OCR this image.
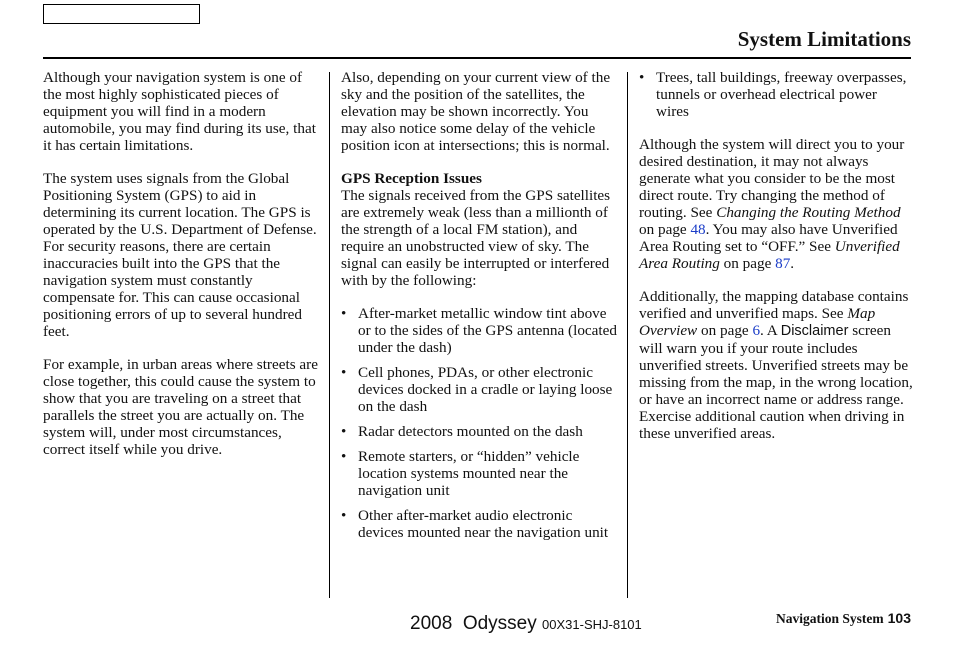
System Limitations

Although your navigation system is one of the most highly sophisticated pieces of equipment you will find in a modern automobile, you may find during its use, that it has certain limitations.

The system uses signals from the Global Positioning System (GPS) to aid in determining its current location. The GPS is operated by the U.S. Department of Defense. For security reasons, there are certain inaccuracies built into the GPS that the navigation system must constantly compensate for. This can cause occasional positioning errors of up to several hundred feet.

For example, in urban areas where streets are close together, this could cause the system to show that you are traveling on a street that parallels the street you are actually on. The system will, under most circumstances, correct itself while you drive.

Also, depending on your current view of the sky and the position of the satellites, the elevation may be shown incorrectly. You may also notice some delay of the vehicle position icon at intersections; this is normal.

GPS Reception Issues

The signals received from the GPS satellites are extremely weak (less than a millionth of the strength of a local FM station), and require an unobstructed view of sky. The signal can easily be interrupted or interfered with by the following:

• After-market metallic window tint above or to the sides of the GPS antenna (located under the dash)
• Cell phones, PDAs, or other electronic devices docked in a cradle or laying loose on the dash
• Radar detectors mounted on the dash
• Remote starters, or “hidden” vehicle location systems mounted near the navigation unit
• Other after-market audio electronic devices mounted near the navigation unit
• Trees, tall buildings, freeway overpasses, tunnels or overhead electrical power wires

Although the system will direct you to your desired destination, it may not always generate what you consider to be the most direct route. Try changing the method of routing. See Changing the Routing Method on page 48. You may also have Unverified Area Routing set to “OFF.” See Unverified Area Routing on page 87.

Additionally, the mapping database contains verified and unverified maps. See Map Overview on page 6. A Disclaimer screen will warn you if your route includes unverified streets. Unverified streets may be missing from the map, in the wrong location, or have an incorrect name or address range. Exercise additional caution when driving in these unverified areas.

2008  Odyssey 00X31-SHJ-8101	Navigation System 103
